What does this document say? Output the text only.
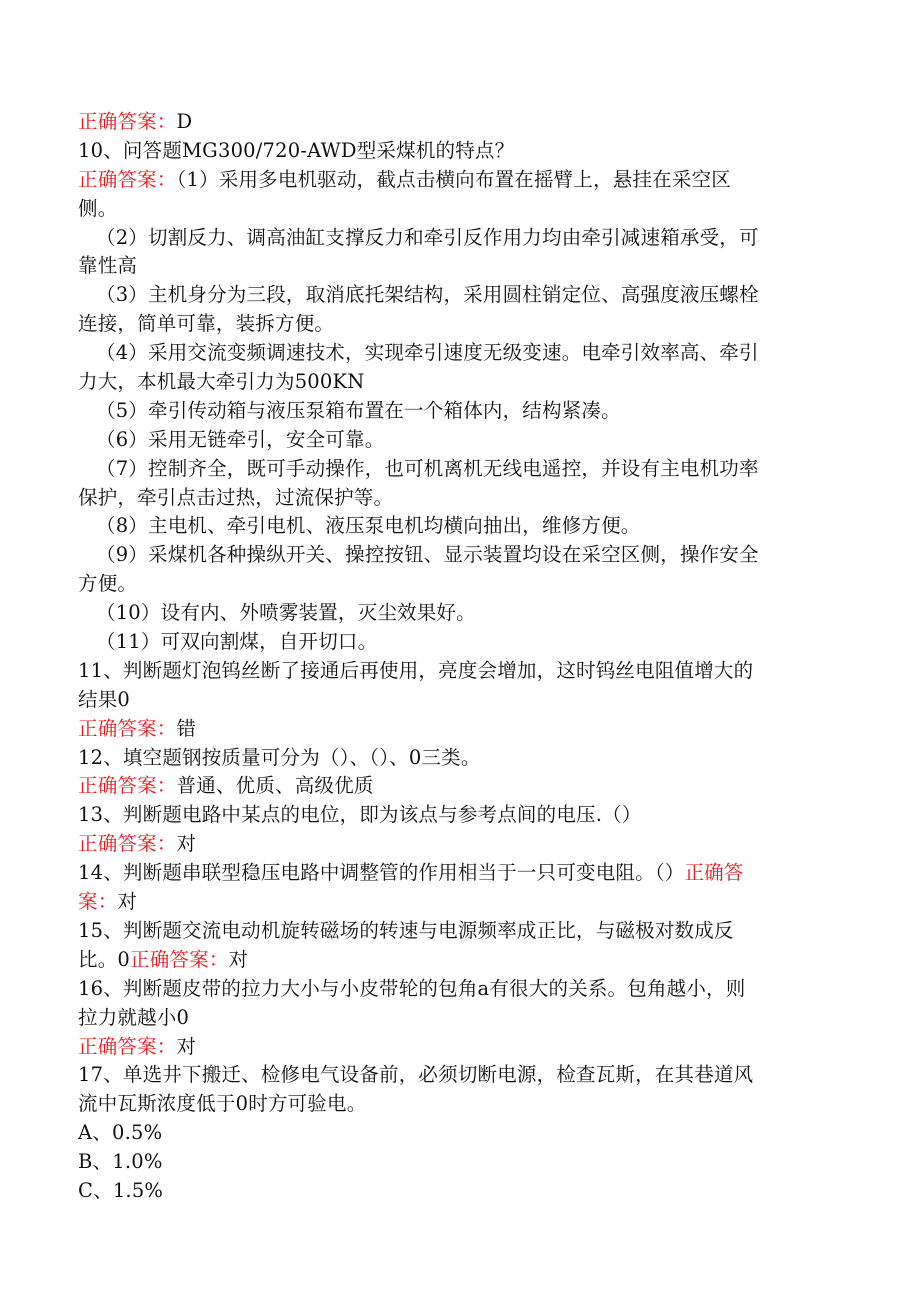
正确答案：D
10、问答题MG300/720-AWD型采煤机的特点？
正确答案：（1）采用多电机驱动，截点击横向布置在摇臂上，悬挂在采空区
侧。
（2）切割反力、调高油缸支撑反力和牵引反作用力均由牵引减速箱承受，可
靠性高
（3）主机身分为三段，取消底托架结构，采用圆柱销定位、高强度液压螺栓
连接，简单可靠，装拆方便。
（4）采用交流变频调速技术，实现牵引速度无级变速。电牵引效率高、牵引
力大，本机最大牵引力为500KN
（5）牵引传动箱与液压泵箱布置在一个箱体内，结构紧凑。
（6）采用无链牵引，安全可靠。
（7）控制齐全，既可手动操作，也可机离机无线电遥控，并设有主电机功率
保护，牵引点击过热，过流保护等。
（8）主电机、牵引电机、液压泵电机均横向抽出，维修方便。
（9）采煤机各种操纵开关、操控按钮、显示装置均设在采空区侧，操作安全
方便。
（10）设有内、外喷雾装置，灭尘效果好。
（11）可双向割煤，自开切口。
11、判断题灯泡钨丝断了接通后再使用，亮度会增加，这时钨丝电阻值增大的
结果0
正确答案：错
12、填空题钢按质量可分为（）、（）、0三类。
正确答案：普通、优质、高级优质
13、判断题电路中某点的电位，即为该点与参考点间的电压.（）
正确答案：对
14、判断题串联型稳压电路中调整管的作用相当于一只可变电阻。（）正确答
案：对
15、判断题交流电动机旋转磁场的转速与电源频率成正比，与磁极对数成反
比。0正确答案：对
16、判断题皮带的拉力大小与小皮带轮的包角a有很大的关系。包角越小，则
拉力就越小0
正确答案：对
17、单选井下搬迁、检修电气设备前，必须切断电源，检查瓦斯，在其巷道风
流中瓦斯浓度低于0时方可验电。
A、0.5%
B、1.0%
C、1.5%
